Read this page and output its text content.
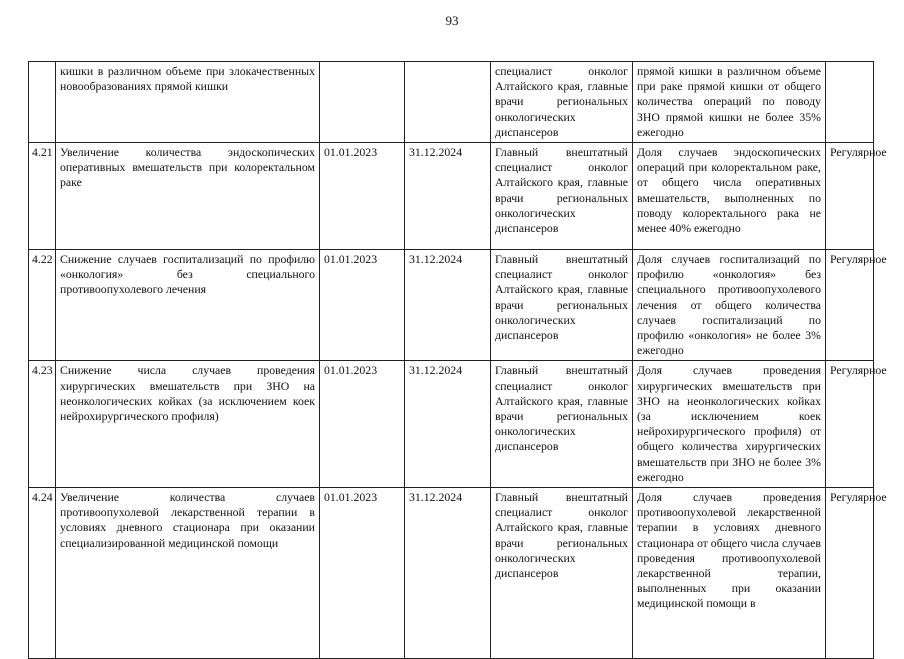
93

	кишки в различном объеме при злокачественных новообразованиях прямой кишки			специалист онколог Алтайского края, главные врачи региональных онкологических диспансеров	прямой кишки в различном объеме при раке прямой кишки от общего количества операций по поводу ЗНО прямой кишки не более 35% ежегодно	

4.21	Увеличение количества эндоскопических оперативных вмешательств при колоректальном раке	01.01.2023	31.12.2024	Главный внештатный специалист онколог Алтайского края, главные врачи региональных онкологических диспансеров	Доля случаев эндоскопических операций при колоректальном раке, от общего числа оперативных вмешательств, выполненных по поводу колоректального рака не менее 40% ежегодно	Регулярное

4.22	Снижение случаев госпитализаций по профилю «онкология» без специального противоопухолевого лечения	01.01.2023	31.12.2024	Главный внештатный специалист онколог Алтайского края, главные врачи региональных онкологических диспансеров	Доля случаев госпитализаций по профилю «онкология» без специального противоопухолевого лечения от общего количества случаев госпитализаций по профилю «онкология» не более 3% ежегодно	Регулярное

4.23	Снижение числа случаев проведения хирургических вмешательств при ЗНО на неонкологических койках (за исключением коек нейрохирургического профиля)	01.01.2023	31.12.2024	Главный внештатный специалист онколог Алтайского края, главные врачи региональных онкологических диспансеров	Доля случаев проведения хирургических вмешательств при ЗНО на неонкологических койках (за исключением коек нейрохирургического профиля) от общего количества хирургических вмешательств при ЗНО не более 3% ежегодно	Регулярное

4.24	Увеличение количества случаев противоопухолевой лекарственной терапии в условиях дневного стационара при оказании специализированной медицинской помощи	01.01.2023	31.12.2024	Главный внештатный специалист онколог Алтайского края, главные врачи региональных онкологических диспансеров	Доля случаев проведения противоопухолевой лекарственной терапии в условиях дневного стационара от общего числа случаев проведения противоопухолевой лекарственной терапии, выполненных при оказании медицинской помощи в	Регулярное
